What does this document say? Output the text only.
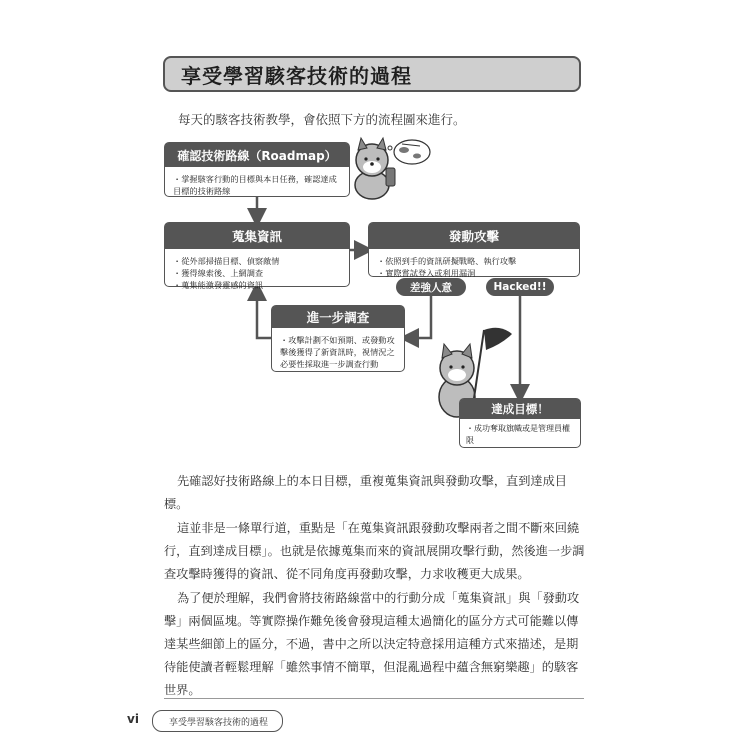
享受學習駭客技術的過程
每天的駭客技術教學，會依照下方的流程圖來進行。
確認技術路線（Roadmap）
・ 掌握駭客行動的目標與本日任務，確認達成目標的技術路線
蒐集資訊
・ 從外部掃描目標、偵察敵情
・ 獲得線索後、上網調查
・ 蒐集能激發靈感的資訊
發動攻擊
・ 依照到手的資訊研擬戰略、執行攻擊
・ 實際嘗試登入或利用漏洞
差強人意	Hacked!!
進一步調查
・ 攻擊計劃不如預期、或發動攻擊後獲得了新資訊時，視情況之必要性採取進一步調查行動
達成目標！
・ 成功奪取旗幟或是管理員權限

先確認好技術路線上的本日目標，重複蒐集資訊與發動攻擊，直到達成目標。

這並非是一條單行道，重點是「在蒐集資訊跟發動攻擊兩者之間不斷來回繞行，直到達成目標」。也就是依據蒐集而來的資訊展開攻擊行動，然後進一步調查攻擊時獲得的資訊、從不同角度再發動攻擊，力求收穫更大成果。

為了便於理解，我們會將技術路線當中的行動分成「蒐集資訊」與「發動攻擊」兩個區塊。等實際操作難免後會發現這種太過簡化的區分方式可能難以傳達某些細節上的區分，不過，書中之所以決定特意採用這種方式來描述，是期待能使讀者輕鬆理解「雖然事情不簡單，但混亂過程中蘊含無窮樂趣」的駭客世界。

vi	享受學習駭客技術的過程
